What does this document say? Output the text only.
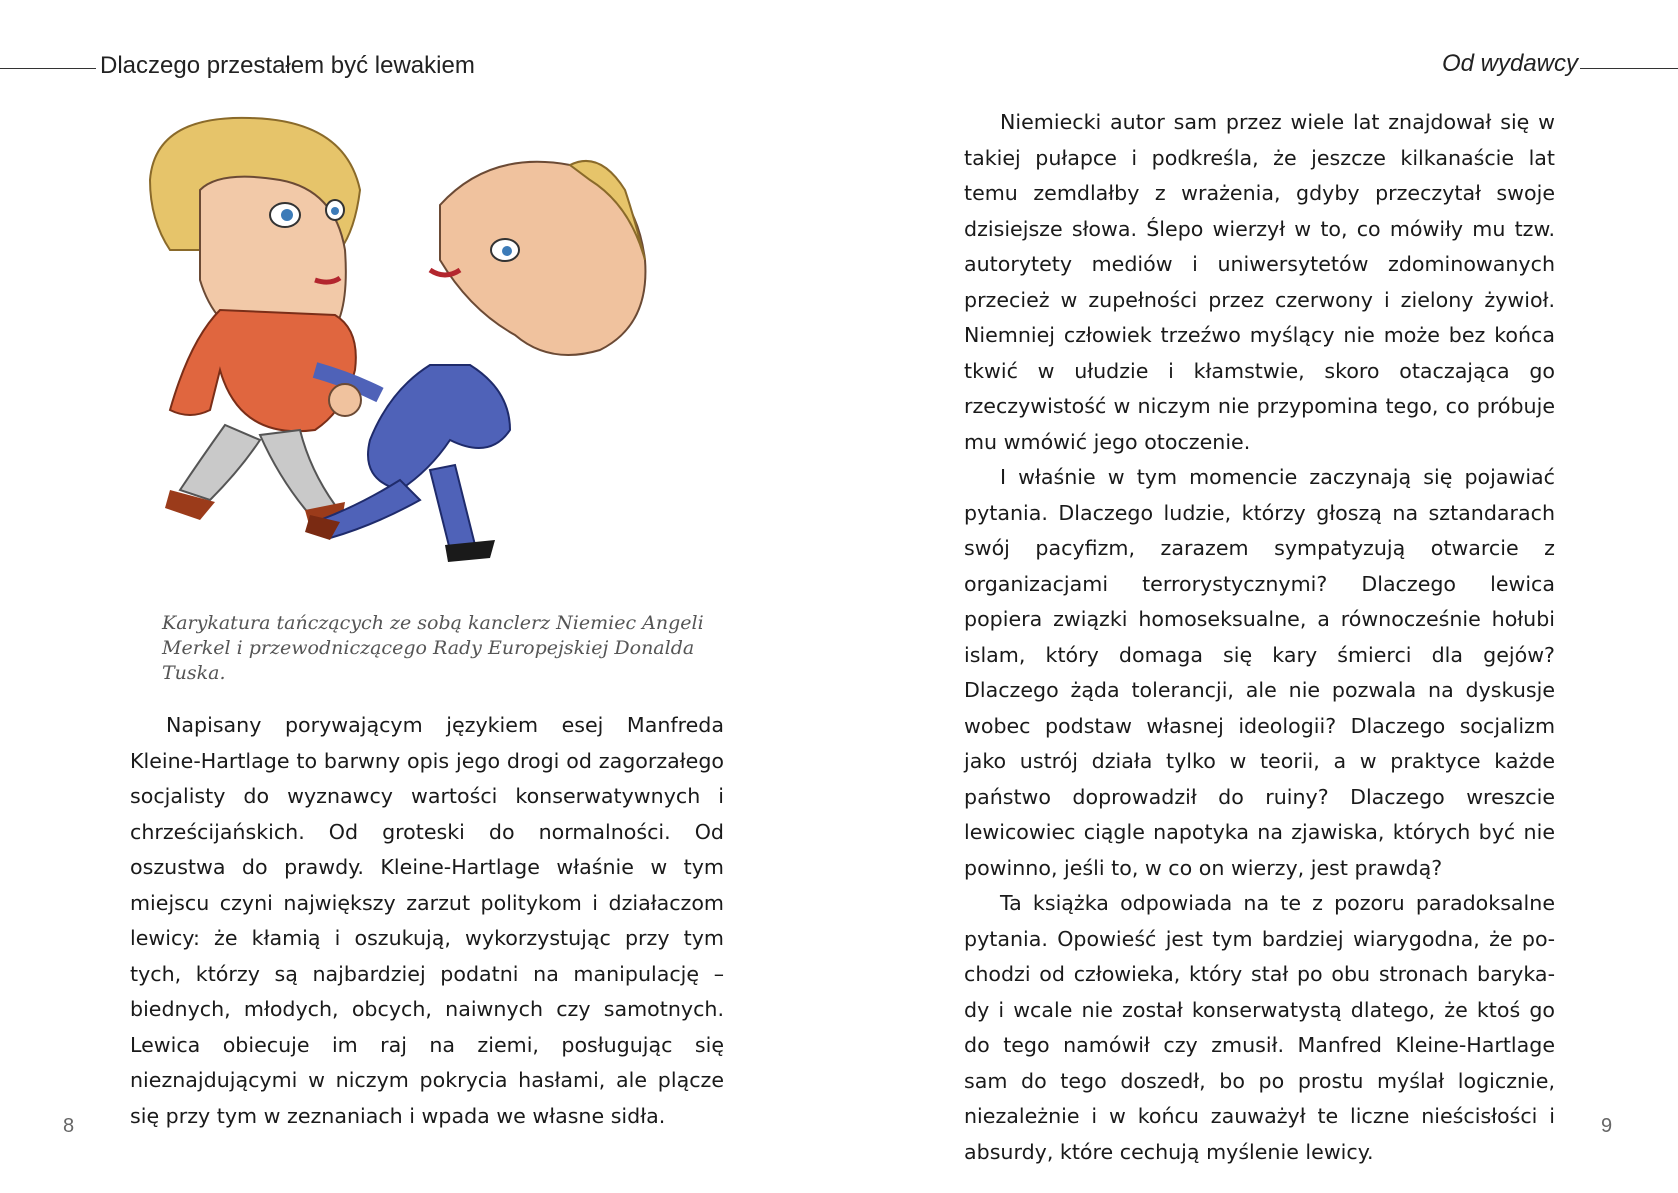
Dlaczego przestałem być lewakiem	Od wydawcy
Karykatura tańczących ze sobą kanclerz Niemiec Angeli
Merkel i przewodniczącego Rady Europejskiej Donalda Tuska.

Napisany porywającym językiem esej Manfreda Kleine-Hartlage to barwny opis jego drogi od zagorzałego socjalisty do wyznawcy wartości konserwatywnych i chrześcijańskich. Od groteski do normalności. Od oszustwa do prawdy. Kleine-Hartlage właśnie w tym miejscu czyni największy zarzut politykom i działaczom lewicy: że kłamią i oszukują, wykorzystując przy tym tych, którzy są najbardziej podatni na manipulację – biednych, młodych, obcych, naiwnych czy samotnych. Lewica obiecuje im raj na ziemi, posługując się nieznajdującymi w niczym pokrycia hasłami, ale plącze się przy tym w zeznaniach i wpada we własne sidła.

Niemiecki autor sam przez wiele lat znajdował się w takiej pułapce i podkreśla, że jeszcze kilkanaście lat temu zemdlałby z wrażenia, gdyby przeczytał swoje dzisiejsze słowa. Ślepo wierzył w to, co mówiły mu tzw. autorytety mediów i uniwersytetów zdominowanych przecież w zupełności przez czerwony i zielony żywioł. Niemniej człowiek trzeźwo myślący nie może bez końca tkwić w ułudzie i kłamstwie, skoro otaczająca go rzeczywistość w niczym nie przypomina tego, co próbuje mu wmówić jego otoczenie.

I właśnie w tym momencie zaczynają się pojawiać pytania. Dlaczego ludzie, którzy głoszą na sztandarach swój pacyfizm, zarazem sympatyzują otwarcie z organizacjami terrorystycznymi? Dlaczego lewica popiera związki homoseksualne, a równocześnie hołubi islam, który domaga się kary śmierci dla gejów? Dlaczego żąda tolerancji, ale nie pozwala na dyskusje wobec podstaw własnej ideologii? Dlaczego socjalizm jako ustrój działa tylko w teorii, a w praktyce każde państwo doprowadził do ruiny? Dlaczego wreszcie lewicowiec ciągle napotyka na zjawiska, których być nie powinno, jeśli to, w co on wierzy, jest prawdą?

Ta książka odpowiada na te z pozoru paradoksalne pytania. Opowieść jest tym bardziej wiarygodna, że pochodzi od człowieka, który stał po obu stronach barykady i wcale nie został konserwatystą dlatego, że ktoś go do tego namówił czy zmusił. Manfred Kleine-Hartlage sam do tego doszedł, bo po prostu myślał logicznie, niezależnie i w końcu zauważył te liczne nieścisłości i absurdy, które cechują myślenie lewicy.

8	9
